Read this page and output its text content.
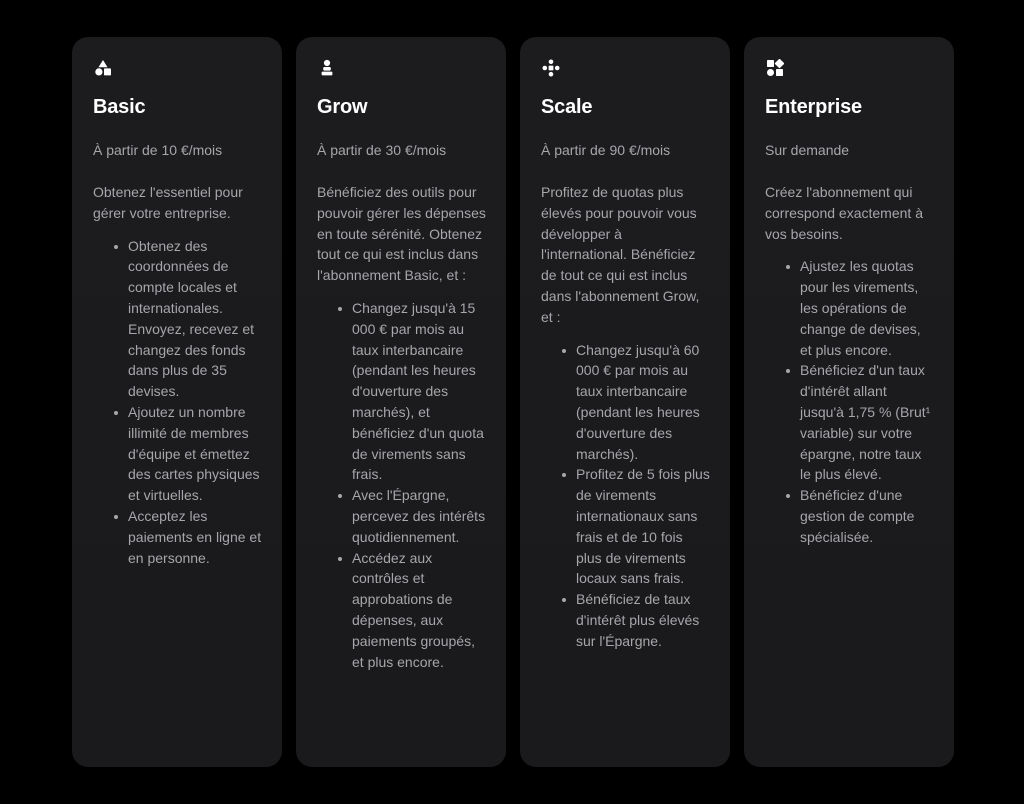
Basic
À partir de 10 €/mois
Obtenez l'essentiel pour gérer votre entreprise.
Obtenez des coordonnées de compte locales et internationales. Envoyez, recevez et changez des fonds dans plus de 35 devises.
Ajoutez un nombre illimité de membres d'équipe et émettez des cartes physiques et virtuelles.
Acceptez les paiements en ligne et en personne.
Grow
À partir de 30 €/mois
Bénéficiez des outils pour pouvoir gérer les dépenses en toute sérénité. Obtenez tout ce qui est inclus dans l'abonnement Basic, et :
Changez jusqu'à 15 000 € par mois au taux interbancaire (pendant les heures d'ouverture des marchés), et bénéficiez d'un quota de virements sans frais.
Avec l'Épargne, percevez des intérêts quotidiennement.
Accédez aux contrôles et approbations de dépenses, aux paiements groupés, et plus encore.
Scale
À partir de 90 €/mois
Profitez de quotas plus élevés pour pouvoir vous développer à l'international. Bénéficiez de tout ce qui est inclus dans l'abonnement Grow, et :
Changez jusqu'à 60 000 € par mois au taux interbancaire (pendant les heures d'ouverture des marchés).
Profitez de 5 fois plus de virements internationaux sans frais et de 10 fois plus de virements locaux sans frais.
Bénéficiez de taux d'intérêt plus élevés sur l'Épargne.
Enterprise
Sur demande
Créez l'abonnement qui correspond exactement à vos besoins.
Ajustez les quotas pour les virements, les opérations de change de devises, et plus encore.
Bénéficiez d'un taux d'intérêt allant jusqu'à 1,75 % (Brut¹ variable) sur votre épargne, notre taux le plus élevé.
Bénéficiez d'une gestion de compte spécialisée.
